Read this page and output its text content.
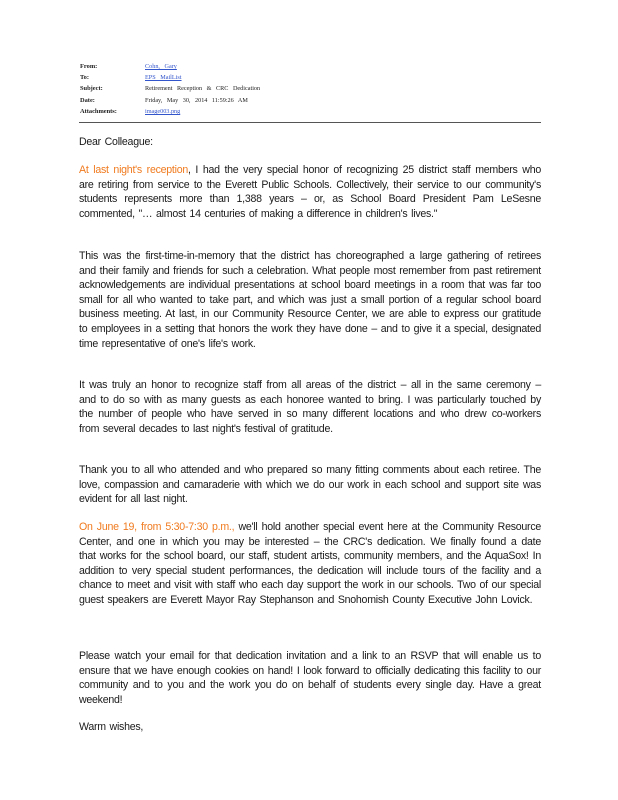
From:	Cohn, Gary
To:	EPS MailList
Subject:	Retirement Reception & CRC Dedication
Date:	Friday, May 30, 2014 11:59:26 AM
Attachments:	image003.png

Dear Colleague:

At last night's reception, I had the very special honor of recognizing 25 district staff members who are retiring from service to the Everett Public Schools. Collectively, their service to our community's students represents more than 1,388 years – or, as School Board President Pam LeSesne commented, "… almost 14 centuries of making a difference in children's lives."

This was the first-time-in-memory that the district has choreographed a large gathering of retirees and their family and friends for such a celebration. What people most remember from past retirement acknowledgements are individual presentations at school board meetings in a room that was far too small for all who wanted to take part, and which was just a small portion of a regular school board business meeting. At last, in our Community Resource Center, we are able to express our gratitude to employees in a setting that honors the work they have done – and to give it a special, designated time representative of one's life's work.

It was truly an honor to recognize staff from all areas of the district – all in the same ceremony – and to do so with as many guests as each honoree wanted to bring. I was particularly touched by the number of people who have served in so many different locations and who drew co-workers from several decades to last night's festival of gratitude.

Thank you to all who attended and who prepared so many fitting comments about each retiree. The love, compassion and camaraderie with which we do our work in each school and support site was evident for all last night.

On June 19, from 5:30-7:30 p.m., we'll hold another special event here at the Community Resource Center, and one in which you may be interested – the CRC's dedication. We finally found a date that works for the school board, our staff, student artists, community members, and the AquaSox! In addition to very special student performances, the dedication will include tours of the facility and a chance to meet and visit with staff who each day support the work in our schools. Two of our special guest speakers are Everett Mayor Ray Stephanson and Snohomish County Executive John Lovick.

Please watch your email for that dedication invitation and a link to an RSVP that will enable us to ensure that we have enough cookies on hand! I look forward to officially dedicating this facility to our community and to you and the work you do on behalf of students every single day. Have a great weekend!

Warm wishes,
